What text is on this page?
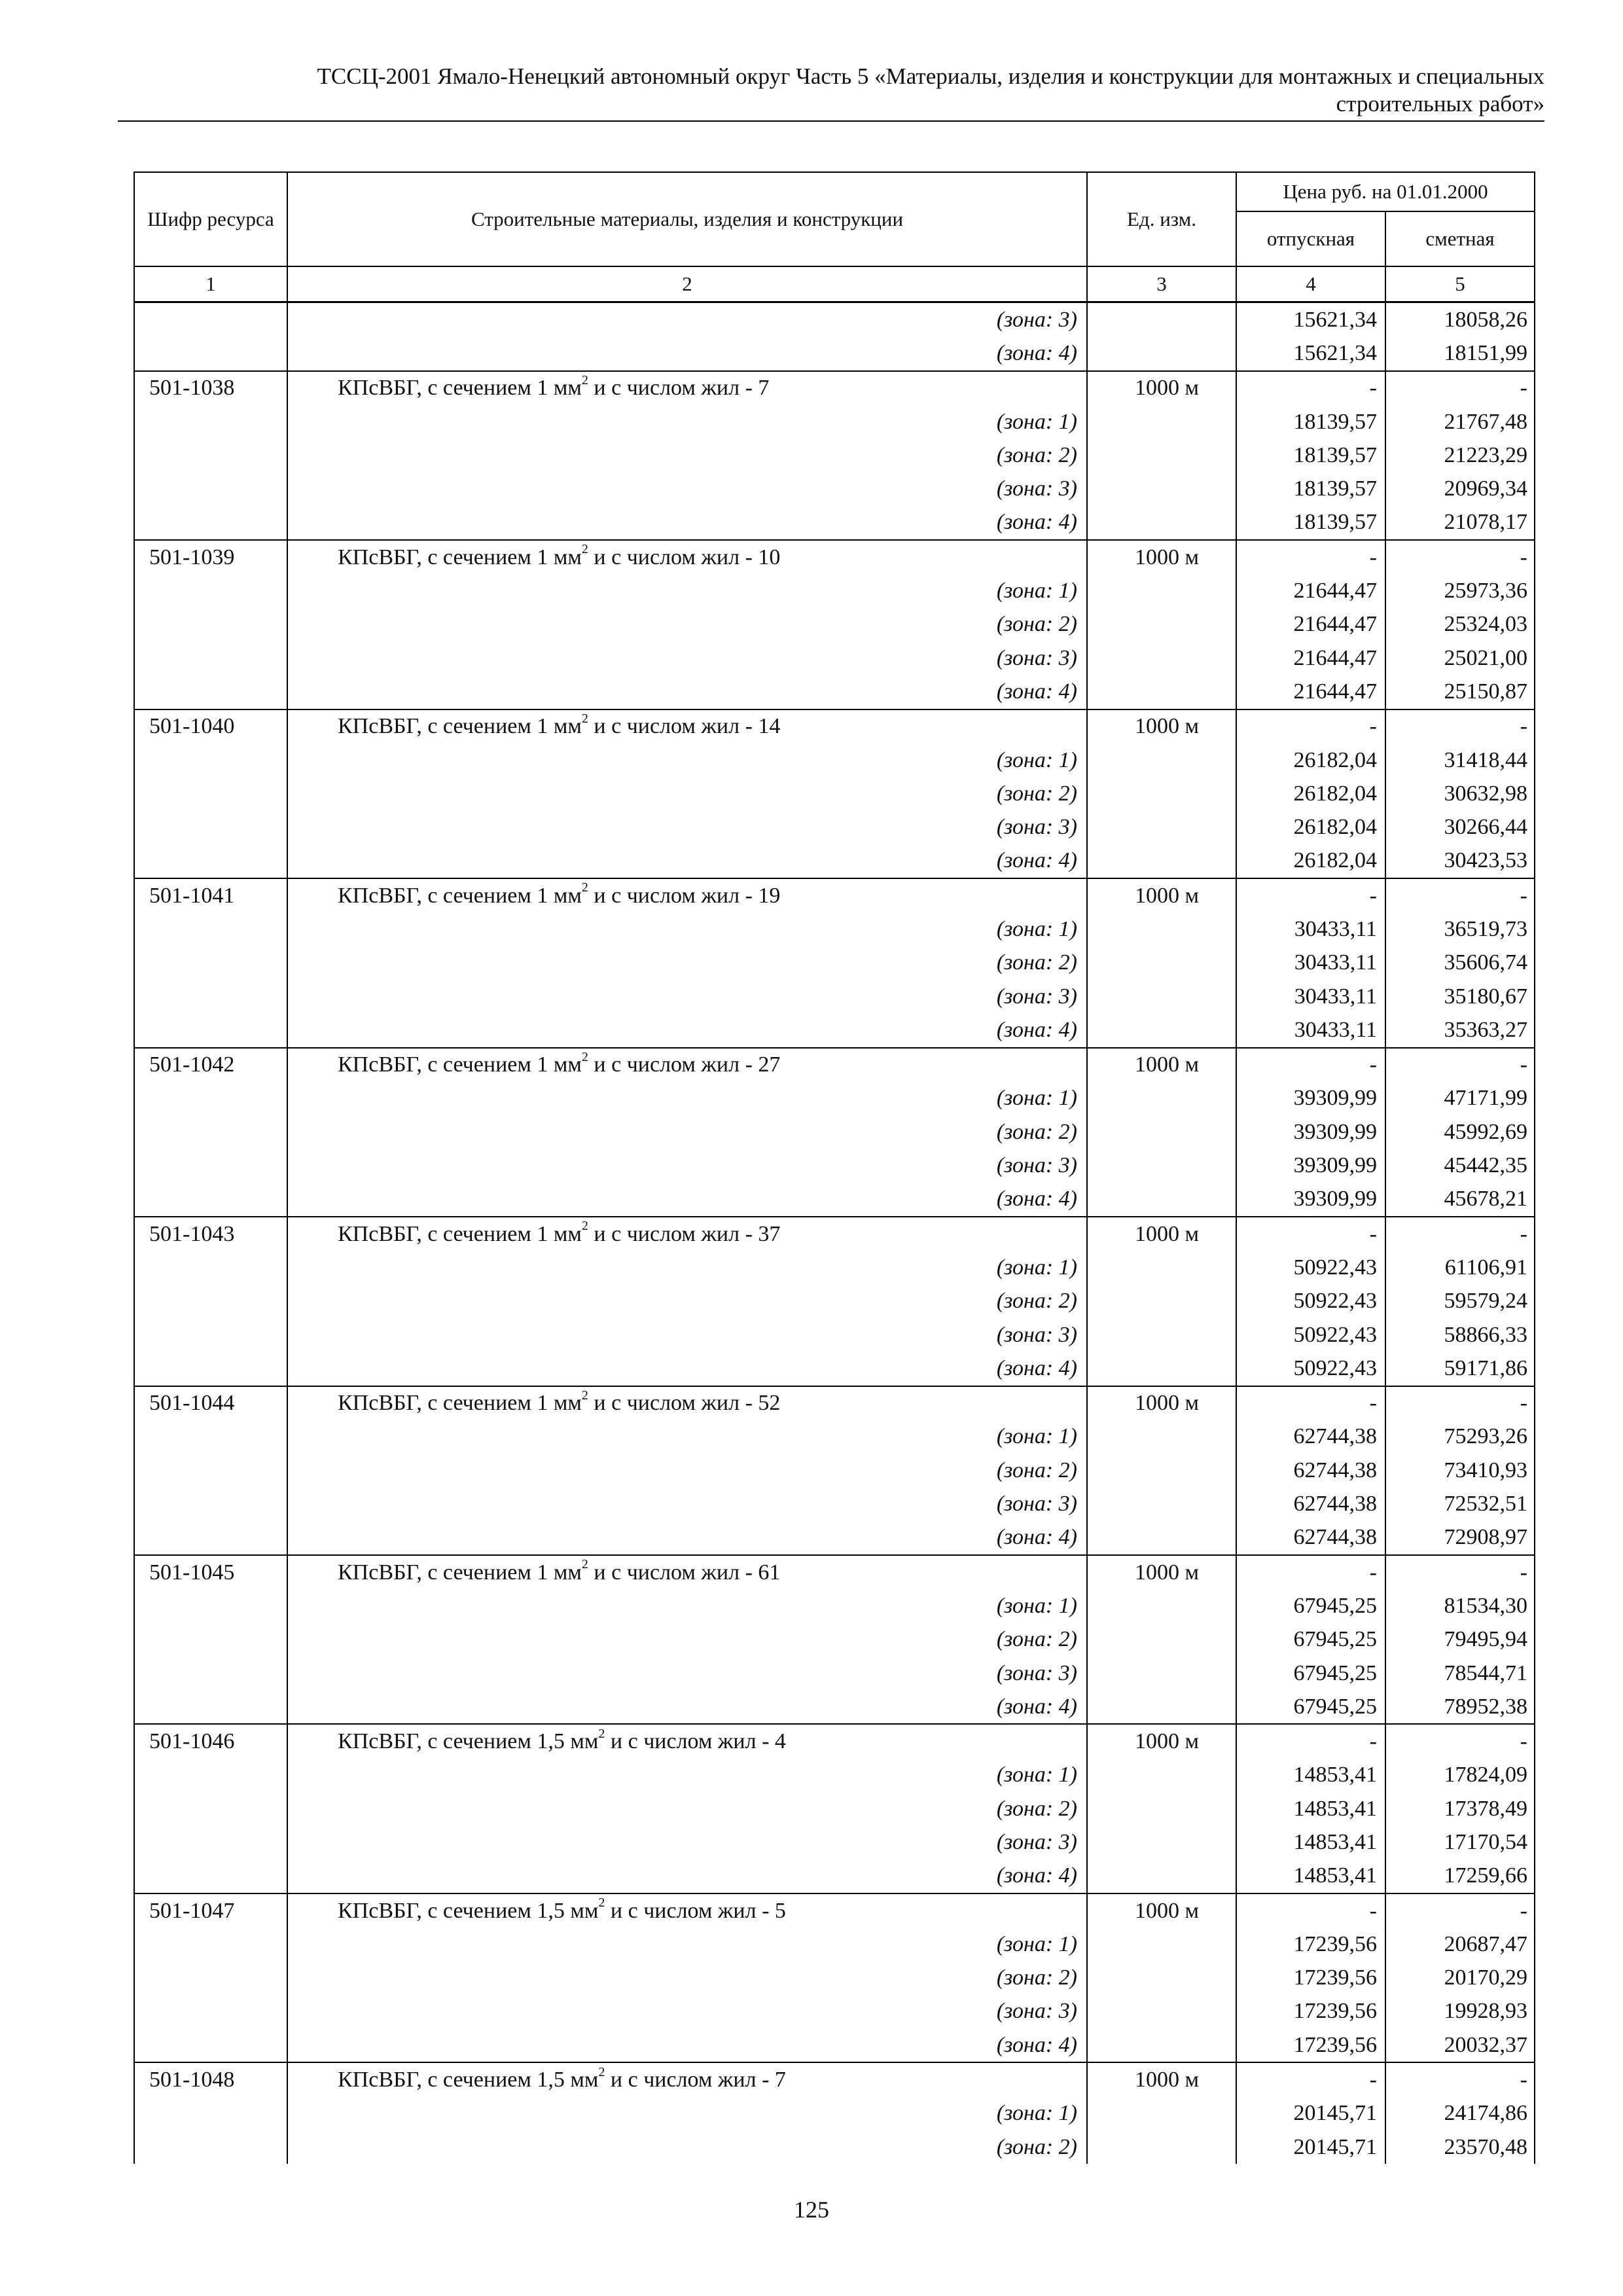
ТССЦ-2001 Ямало-Ненецкий автономный округ Часть 5 «Материалы, изделия и конструкции для монтажных и специальных
строительных работ»
Шифр ресурса	Строительные материалы, изделия и конструкции	Ед. изм.	Цена руб. на 01.01.2000	
			отпускная	сметная
1	2	3	4	5
	(зона: 3)		15621,34	18058,26
	(зона: 4)		15621,34	18151,99
501-1038	КПсВБГ, с сечением 1 $мм^2$ и с числом жил - 7	1000 м	-	-
	(зона: 1)		18139,57	21767,48
	(зона: 2)		18139,57	21223,29
	(зона: 3)		18139,57	20969,34
	(зона: 4)		18139,57	21078,17
501-1039	КПсВБГ, с сечением 1 $мм^2$ и с числом жил - 10	1000 м	-	-
	(зона: 1)		21644,47	25973,36
	(зона: 2)		21644,47	25324,03
	(зона: 3)		21644,47	25021,00
	(зона: 4)		21644,47	25150,87
501-1040	КПсВБГ, с сечением 1 $мм^2$ и с числом жил - 14	1000 м	-	-
	(зона: 1)		26182,04	31418,44
	(зона: 2)		26182,04	30632,98
	(зона: 3)		26182,04	30266,44
	(зона: 4)		26182,04	30423,53
501-1041	КПсВБГ, с сечением 1 $мм^2$ и с числом жил - 19	1000 м	-	-
	(зона: 1)		30433,11	36519,73
	(зона: 2)		30433,11	35606,74
	(зона: 3)		30433,11	35180,67
	(зона: 4)		30433,11	35363,27
501-1042	КПсВБГ, с сечением 1 $мм^2$ и с числом жил - 27	1000 м	-	-
	(зона: 1)		39309,99	47171,99
	(зона: 2)		39309,99	45992,69
	(зона: 3)		39309,99	45442,35
	(зона: 4)		39309,99	45678,21
501-1043	КПсВБГ, с сечением 1 $мм^2$ и с числом жил - 37	1000 м	-	-
	(зона: 1)		50922,43	61106,91
	(зона: 2)		50922,43	59579,24
	(зона: 3)		50922,43	58866,33
	(зона: 4)		50922,43	59171,86
501-1044	КПсВБГ, с сечением 1 $мм^2$ и с числом жил - 52	1000 м	-	-
	(зона: 1)		62744,38	75293,26
	(зона: 2)		62744,38	73410,93
	(зона: 3)		62744,38	72532,51
	(зона: 4)		62744,38	72908,97
501-1045	КПсВБГ, с сечением 1 $мм^2$ и с числом жил - 61	1000 м	-	-
	(зона: 1)		67945,25	81534,30
	(зона: 2)		67945,25	79495,94
	(зона: 3)		67945,25	78544,71
	(зона: 4)		67945,25	78952,38
501-1046	КПсВБГ, с сечением 1,5 $мм^2$ и с числом жил - 4	1000 м	-	-
	(зона: 1)		14853,41	17824,09
	(зона: 2)		14853,41	17378,49
	(зона: 3)		14853,41	17170,54
	(зона: 4)		14853,41	17259,66
501-1047	КПсВБГ, с сечением 1,5 $мм^2$ и с числом жил - 5	1000 м	-	-
	(зона: 1)		17239,56	20687,47
	(зона: 2)		17239,56	20170,29
	(зона: 3)		17239,56	19928,93
	(зона: 4)		17239,56	20032,37
501-1048	КПсВБГ, с сечением 1,5 $мм^2$ и с числом жил - 7	1000 м	-	-
	(зона: 1)		20145,71	24174,86
	(зона: 2)		20145,71	23570,48
125
